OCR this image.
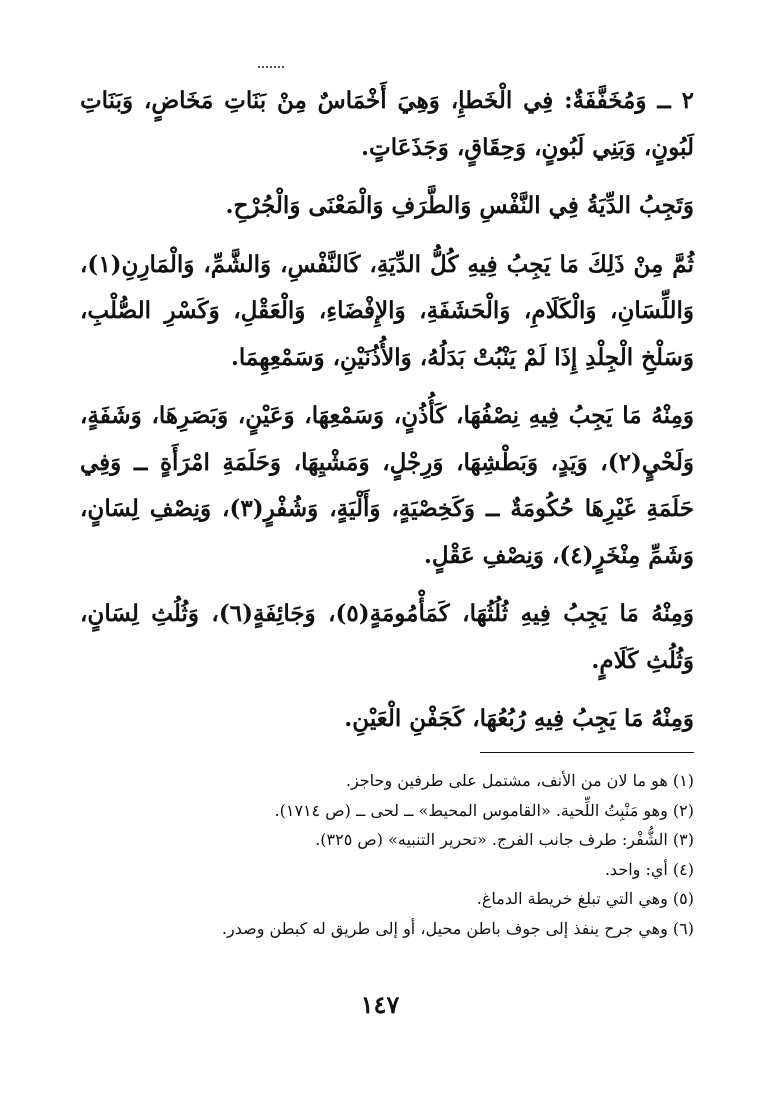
٢ ــ وَمُخَفَّفَةٌ: فِي الْخَطإِ، وَهِيَ أَخْمَاسٌ مِنْ بَنَاتِ مَخَاضٍ، وَبَنَاتِ لَبُونٍ، وَبَنِي لَبُونٍ، وَحِقَاقٍ، وَجَذَعَاتٍ.

وَتَجِبُ الدِّيَةُ فِي النَّفْسِ وَالطَّرَفِ وَالْمَعْنَى وَالْجُرْحِ.

ثُمَّ مِنْ ذَلِكَ مَا يَجِبُ فِيهِ كُلُّ الدِّيَةِ، كَالنَّفْسِ، وَالشَّمِّ، وَالْمَارِنِ(١)، وَاللِّسَانِ، وَالْكَلَامِ، وَالْحَشَفَةِ، وَالإِفْضَاءِ، وَالْعَقْلِ، وَكَسْرِ الصُّلْبِ، وَسَلْخِ الْجِلْدِ إِذَا لَمْ يَنْبُتْ بَدَلُهُ، وَالأُذُنَيْنِ، وَسَمْعِهِمَا.

وَمِنْهُ مَا يَجِبُ فِيهِ نِصْفُهَا، كَأُذُنٍ، وَسَمْعِهَا، وَعَيْنٍ، وَبَصَرِهَا، وَشَفَةٍ، وَلَحْيٍ(٢)، وَيَدٍ، وَبَطْشِهَا، وَرِجْلٍ، وَمَشْيِهَا، وَحَلَمَةِ امْرَأَةٍ ــ وَفِي حَلَمَةِ غَيْرِهَا حُكُومَةٌ ــ وَكَخِصْيَةٍ، وَأَلْيَةٍ، وَشُفْرٍ(٣)، وَنِصْفِ لِسَانٍ، وَشَمِّ مِنْخَرٍ(٤)، وَنِصْفِ عَقْلٍ.

وَمِنْهُ مَا يَجِبُ فِيهِ ثُلُثُهَا، كَمَأْمُومَةٍ(٥)، وَجَائِفَةٍ(٦)، وَثُلُثِ لِسَانٍ، وَثُلُثِ كَلَامٍ.

وَمِنْهُ مَا يَجِبُ فِيهِ رُبُعُهَا، كَجَفْنِ الْعَيْنِ.

(١) هو ما لان من الأنف، مشتمل على طرفين وحاجز.
(٢) وهو مَنْبِتُ اللِّحية. «القاموس المحيط» ــ لحى ــ (ص ١٧١٤).
(٣) الشُّفْر: طرف جانب الفرج. «تحرير التنبيه» (ص ٣٢٥).
(٤) أي: واحد.
(٥) وهي التي تبلغ خريطة الدماغ.
(٦) وهي جرح ينفذ إلى جوف باطن محيل، أو إلى طريق له كبطن وصدر.
١٤٧
